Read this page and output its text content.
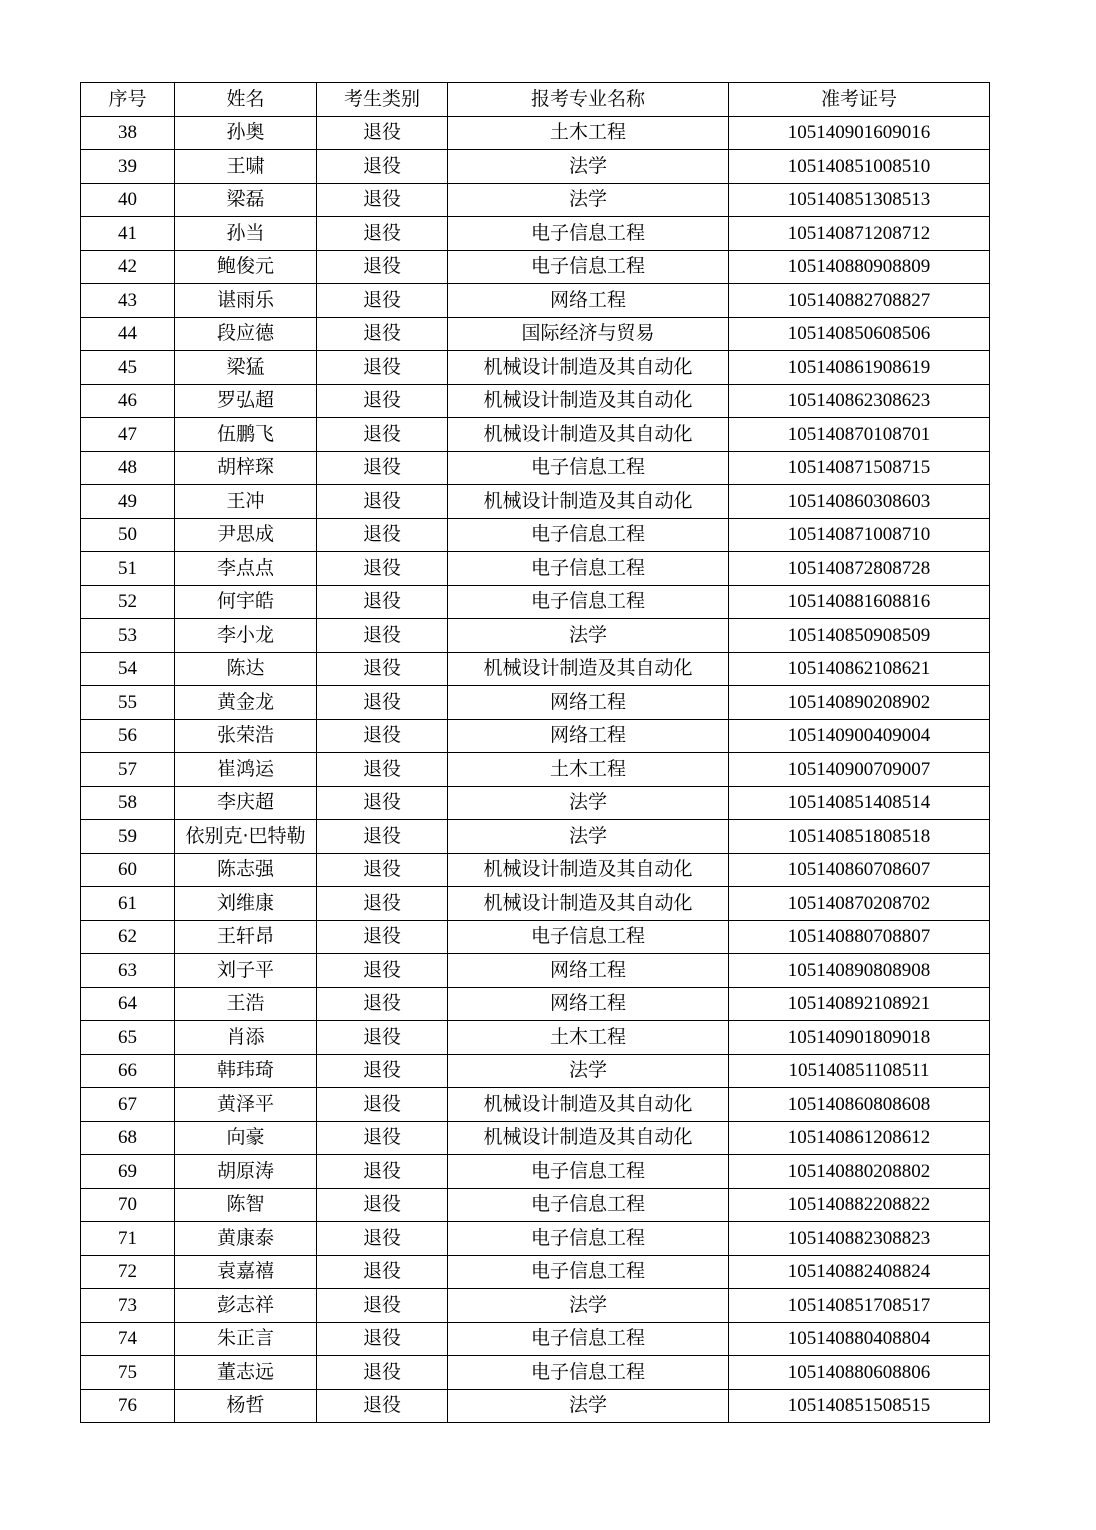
序号	姓名	考生类别	报考专业名称	准考证号
38	孙奥	退役	土木工程	105140901609016
39	王啸	退役	法学	105140851008510
40	梁磊	退役	法学	105140851308513
41	孙当	退役	电子信息工程	105140871208712
42	鲍俊元	退役	电子信息工程	105140880908809
43	谌雨乐	退役	网络工程	105140882708827
44	段应德	退役	国际经济与贸易	105140850608506
45	梁猛	退役	机械设计制造及其自动化	105140861908619
46	罗弘超	退役	机械设计制造及其自动化	105140862308623
47	伍鹏飞	退役	机械设计制造及其自动化	105140870108701
48	胡梓琛	退役	电子信息工程	105140871508715
49	王冲	退役	机械设计制造及其自动化	105140860308603
50	尹思成	退役	电子信息工程	105140871008710
51	李点点	退役	电子信息工程	105140872808728
52	何宇皓	退役	电子信息工程	105140881608816
53	李小龙	退役	法学	105140850908509
54	陈达	退役	机械设计制造及其自动化	105140862108621
55	黄金龙	退役	网络工程	105140890208902
56	张荣浩	退役	网络工程	105140900409004
57	崔鸿运	退役	土木工程	105140900709007
58	李庆超	退役	法学	105140851408514
59	依别克·巴特勒	退役	法学	105140851808518
60	陈志强	退役	机械设计制造及其自动化	105140860708607
61	刘维康	退役	机械设计制造及其自动化	105140870208702
62	王轩昂	退役	电子信息工程	105140880708807
63	刘子平	退役	网络工程	105140890808908
64	王浩	退役	网络工程	105140892108921
65	肖添	退役	土木工程	105140901809018
66	韩玮琦	退役	法学	105140851108511
67	黄泽平	退役	机械设计制造及其自动化	105140860808608
68	向豪	退役	机械设计制造及其自动化	105140861208612
69	胡原涛	退役	电子信息工程	105140880208802
70	陈智	退役	电子信息工程	105140882208822
71	黄康泰	退役	电子信息工程	105140882308823
72	袁嘉禧	退役	电子信息工程	105140882408824
73	彭志祥	退役	法学	105140851708517
74	朱正言	退役	电子信息工程	105140880408804
75	董志远	退役	电子信息工程	105140880608806
76	杨哲	退役	法学	105140851508515
